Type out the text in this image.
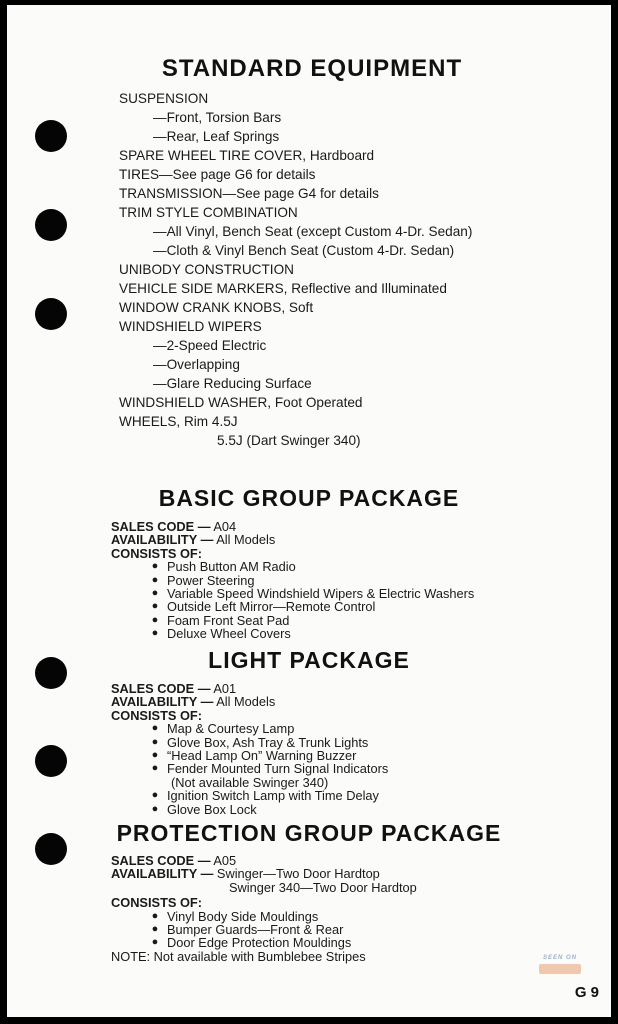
STANDARD EQUIPMENT
SUSPENSION
—Front, Torsion Bars
—Rear, Leaf Springs
SPARE WHEEL TIRE COVER, Hardboard
TIRES—See page G6 for details
TRANSMISSION—See page G4 for details
TRIM STYLE COMBINATION
—All Vinyl, Bench Seat (except Custom 4-Dr. Sedan)
—Cloth & Vinyl Bench Seat (Custom 4-Dr. Sedan)
UNIBODY CONSTRUCTION
VEHICLE SIDE MARKERS, Reflective and Illuminated
WINDOW CRANK KNOBS, Soft
WINDSHIELD WIPERS
—2-Speed Electric
—Overlapping
—Glare Reducing Surface
WINDSHIELD WASHER, Foot Operated
WHEELS, Rim 4.5J
5.5J (Dart Swinger 340)
BASIC GROUP PACKAGE
SALES CODE — A04
AVAILABILITY — All Models
CONSISTS OF:
● Push Button AM Radio
● Power Steering
● Variable Speed Windshield Wipers & Electric Washers
● Outside Left Mirror—Remote Control
● Foam Front Seat Pad
● Deluxe Wheel Covers
LIGHT PACKAGE
SALES CODE — A01
AVAILABILITY — All Models
CONSISTS OF:
● Map & Courtesy Lamp
● Glove Box, Ash Tray & Trunk Lights
● “Head Lamp On” Warning Buzzer
● Fender Mounted Turn Signal Indicators
(Not available Swinger 340)
● Ignition Switch Lamp with Time Delay
● Glove Box Lock
PROTECTION GROUP PACKAGE
SALES CODE — A05
AVAILABILITY — Swinger—Two Door Hardtop
Swinger 340—Two Door Hardtop
CONSISTS OF:
● Vinyl Body Side Mouldings
● Bumper Guards—Front & Rear
● Door Edge Protection Mouldings
NOTE: Not available with Bumblebee Stripes	SEEN ON
G 9
